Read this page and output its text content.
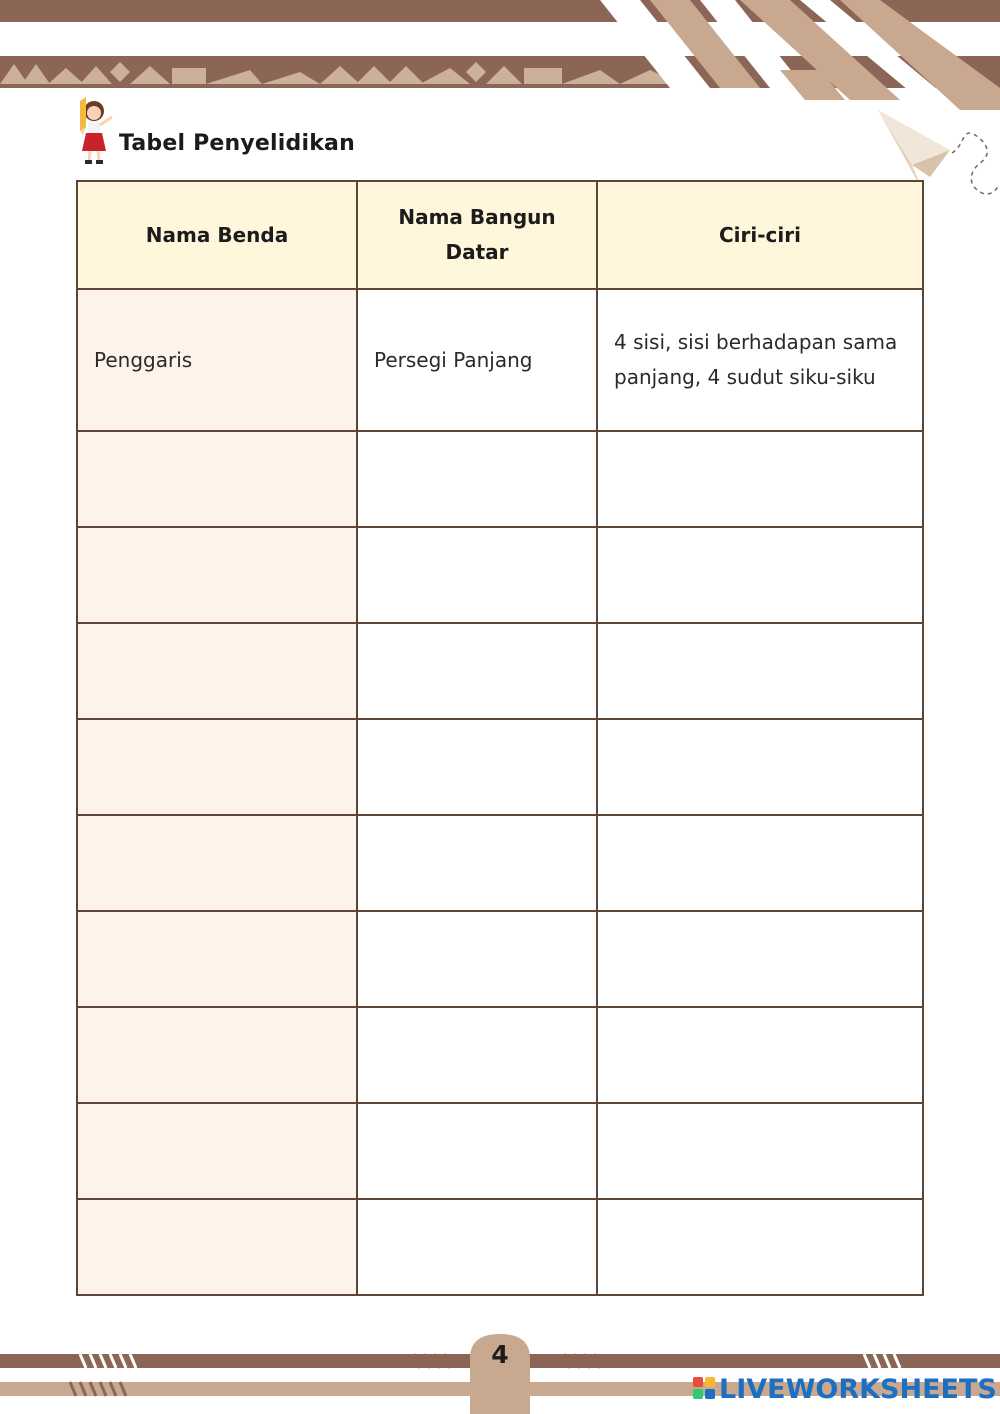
Tabel Penyelidikan
Nama Benda	Nama Bangun Datar	Ciri-ciri
Penggaris	Persegi Panjang	4 sisi, sisi berhadapan sama panjang, 4 sudut siku-siku

4
LIVEWORKSHEETS
